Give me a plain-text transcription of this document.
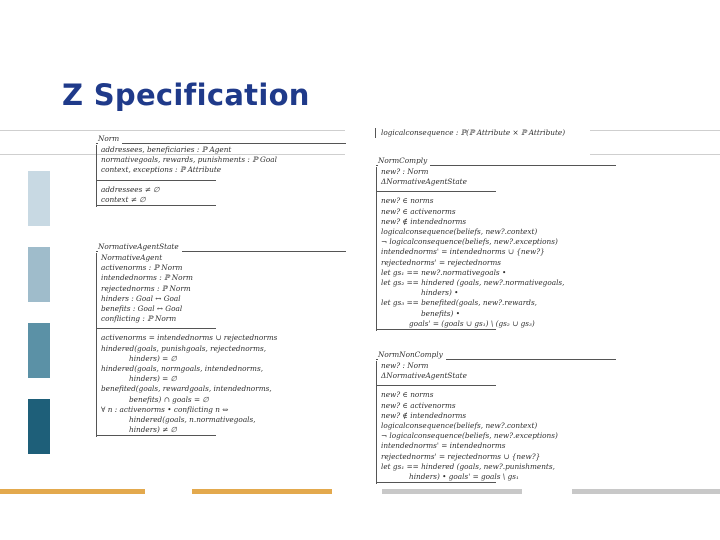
Z Specification
logicalconsequence : ℙ(ℙ Attribute × ℙ Attribute)
Norm
addressees, beneficiaries : ℙ Agent
normativegoals, rewards, punishments : ℙ Goal
context, exceptions : ℙ Attribute
addressees ≠ ∅
context ≠ ∅
NormativeAgentState
NormativeAgent
activenorms : ℙ Norm
intendednorms : ℙ Norm
rejectednorms : ℙ Norm
hinders : Goal ↔ Goal
benefits : Goal ↔ Goal
conflicting : ℙ Norm
activenorms = intendednorms ∪ rejectednorms
hindered(goals, punishgoals, rejectednorms,
hinders) = ∅
hindered(goals, normgoals, intendednorms,
hinders) = ∅
benefited(goals, rewardgoals, intendednorms,
benefits) ∩ goals = ∅
∀ n : activenorms • conflicting n ⇔
hindered(goals, n.normativegoals,
hinders) ≠ ∅
NormComply
new? : Norm
ΔNormativeAgentState
new? ∈ norms
new? ∈ activenorms
new? ∉ intendednorms
logicalconsequence(beliefs, new?.context)
¬ logicalconsequence(beliefs, new?.exceptions)
intendednorms' = intendednorms ∪ {new?}
rejectednorms' = rejectednorms
let gs₁ == new?.normativegoals •
let gs₂ == hindered (goals, new?.normativegoals,
hinders) •
let gs₃ == benefited(goals, new?.rewards,
benefits) •
goals' = (goals ∪ gs₁) \ (gs₂ ∪ gs₃)
NormNonComply
new? : Norm
ΔNormativeAgentState
new? ∈ norms
new? ∈ activenorms
new? ∉ intendednorms
logicalconsequence(beliefs, new?.context)
¬ logicalconsequence(beliefs, new?.exceptions)
intendednorms' = intendednorms
rejectednorms' = rejectednorms ∪ {new?}
let gs₁ == hindered (goals, new?.punishments,
hinders) • goals' = goals \ gs₁
